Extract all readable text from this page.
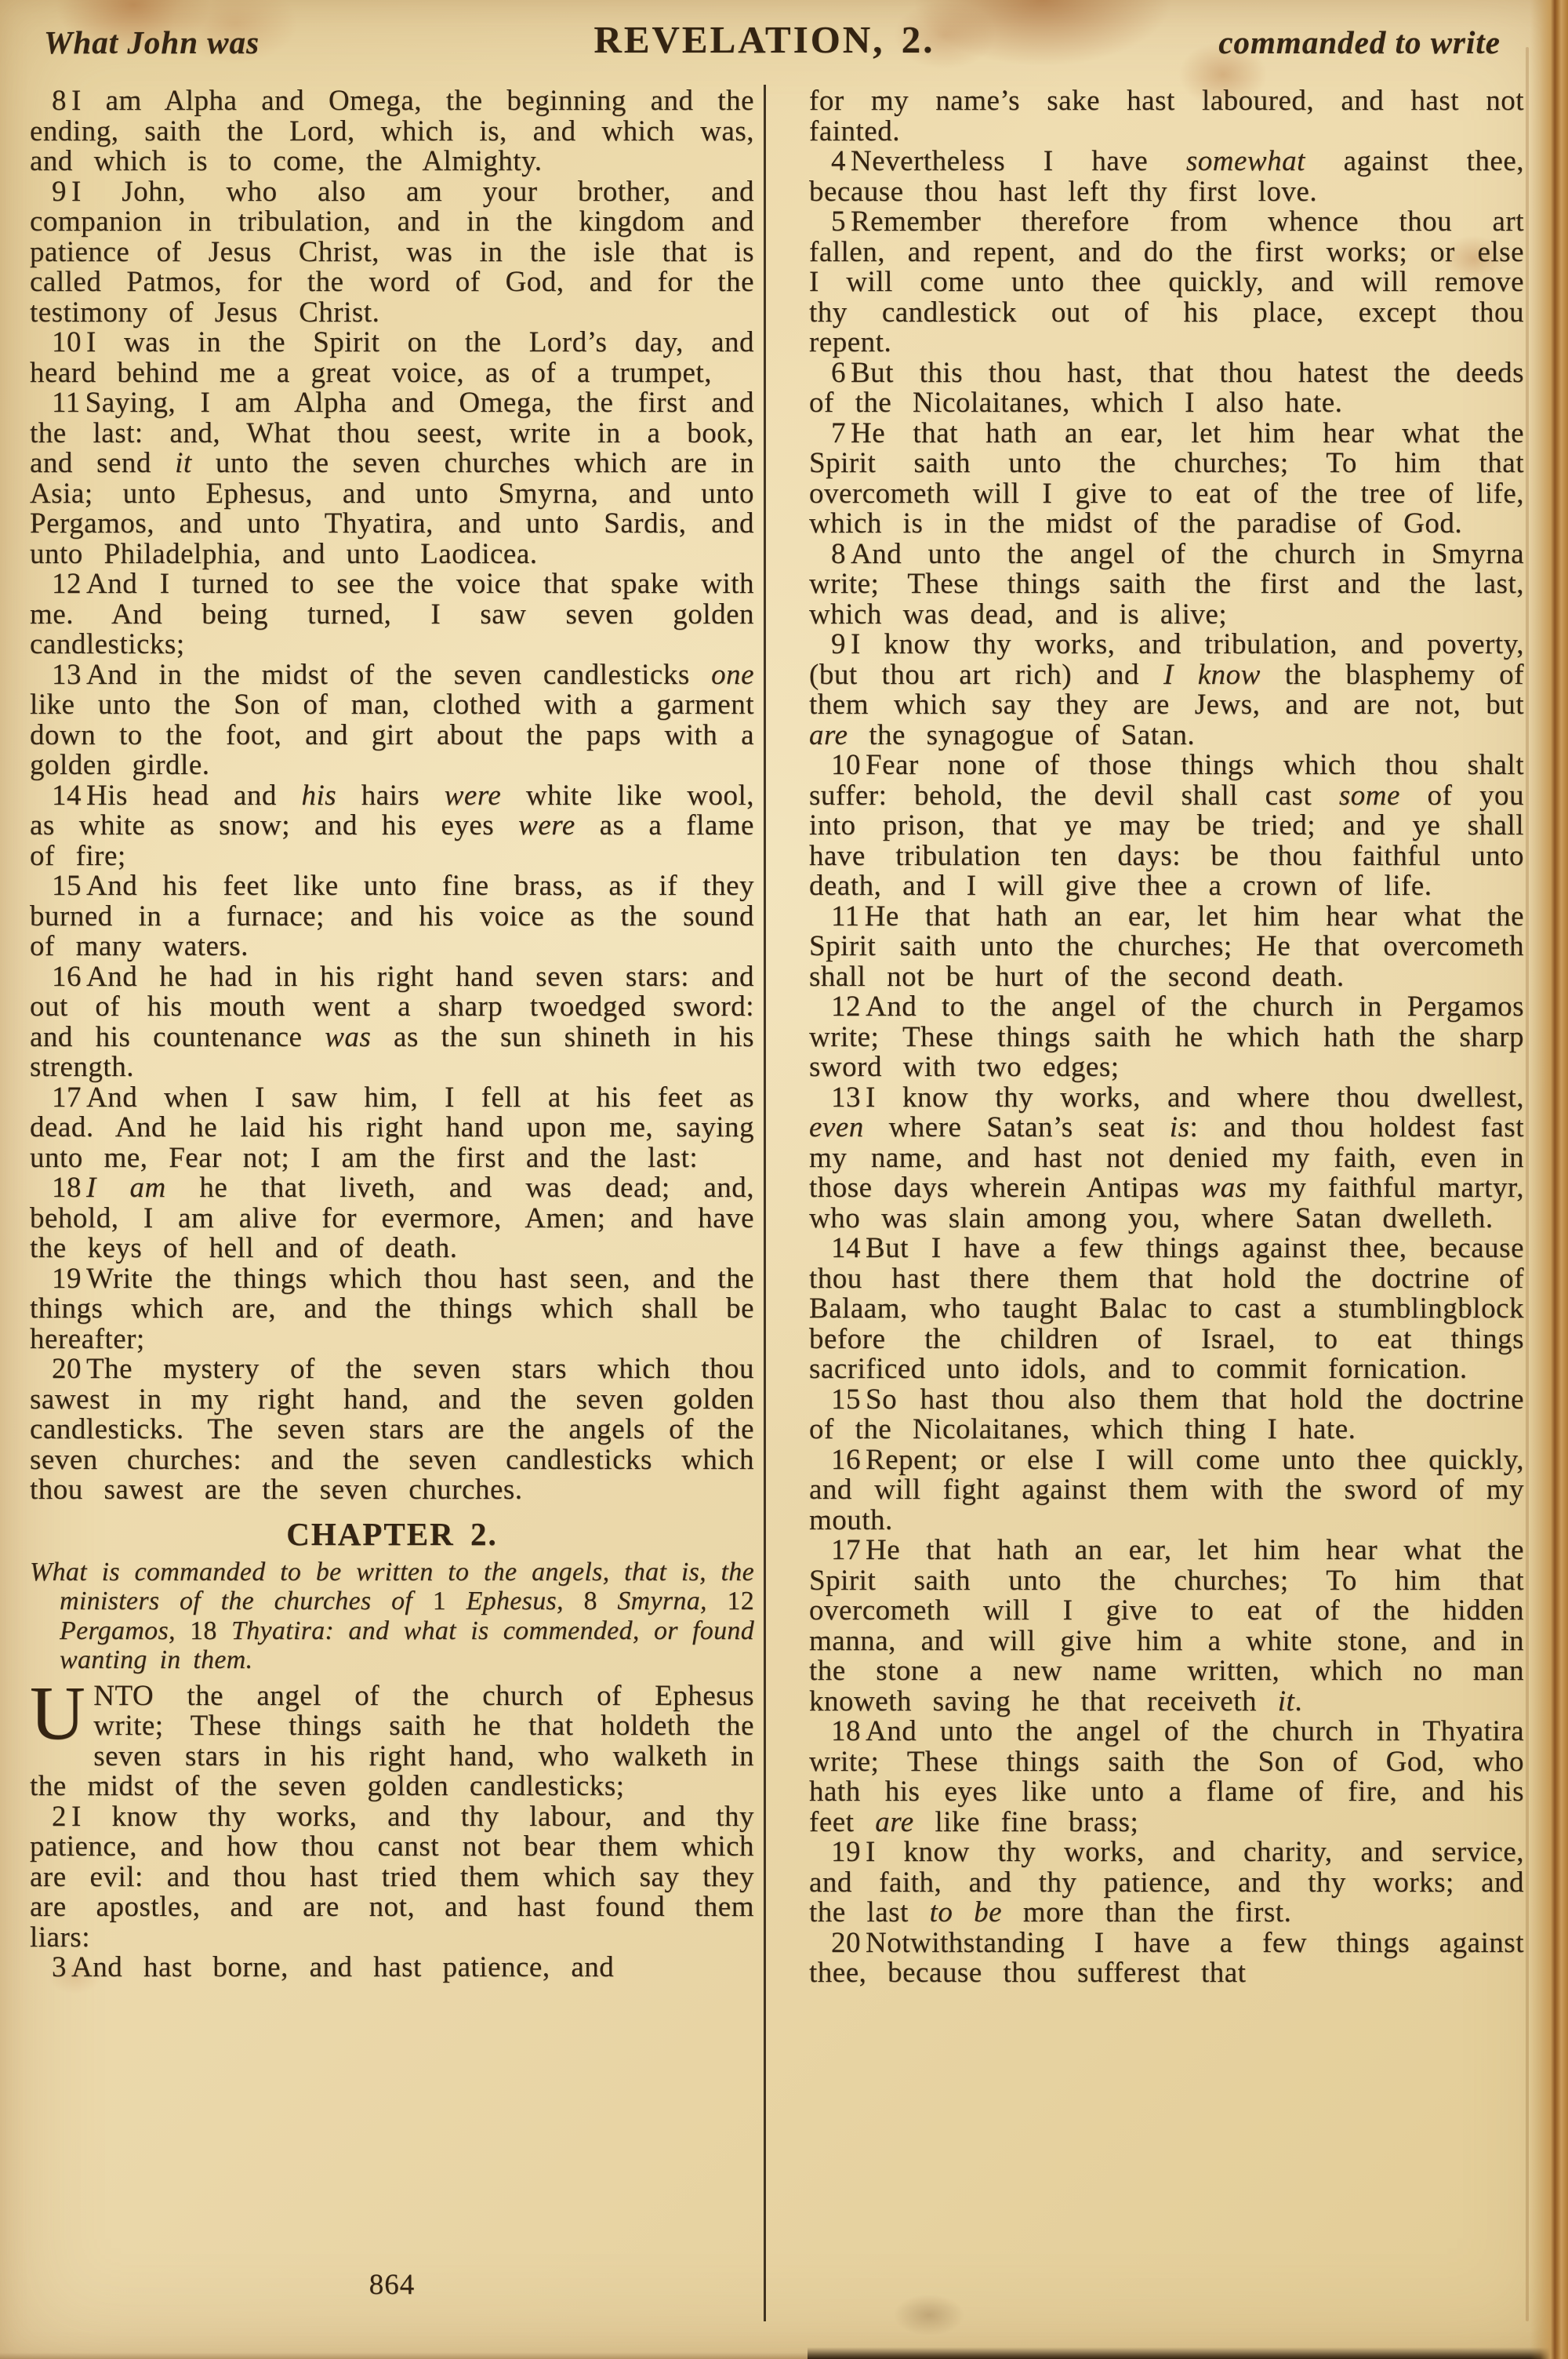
What John was	REVELATION, 2.	commanded to write

8 I am Alpha and Omega, the beginning and the ending, saith the Lord, which is, and which was, and which is to come, the Almighty.

9 I John, who also am your brother, and companion in tribulation, and in the kingdom and patience of Jesus Christ, was in the isle that is called Patmos, for the word of God, and for the testimony of Jesus Christ.

10 I was in the Spirit on the Lord’s day, and heard behind me a great voice, as of a trumpet,

11 Saying, I am Alpha and Omega, the first and the last: and, What thou seest, write in a book, and send it unto the seven churches which are in Asia; unto Ephesus, and unto Smyrna, and unto Pergamos, and unto Thyatira, and unto Sardis, and unto Philadelphia, and unto Laodicea.

12 And I turned to see the voice that spake with me. And being turned, I saw seven golden candlesticks;

13 And in the midst of the seven candlesticks one like unto the Son of man, clothed with a garment down to the foot, and girt about the paps with a golden girdle.

14 His head and his hairs were white like wool, as white as snow; and his eyes were as a flame of fire;

15 And his feet like unto fine brass, as if they burned in a furnace; and his voice as the sound of many waters.

16 And he had in his right hand seven stars: and out of his mouth went a sharp twoedged sword: and his countenance was as the sun shineth in his strength.

17 And when I saw him, I fell at his feet as dead. And he laid his right hand upon me, saying unto me, Fear not; I am the first and the last:

18 I am he that liveth, and was dead; and, behold, I am alive for evermore, Amen; and have the keys of hell and of death.

19 Write the things which thou hast seen, and the things which are, and the things which shall be hereafter;

20 The mystery of the seven stars which thou sawest in my right hand, and the seven golden candlesticks. The seven stars are the angels of the seven churches: and the seven candlesticks which thou sawest are the seven churches.

CHAPTER 2.

What is commanded to be written to the angels, that is, the ministers of the churches of 1 Ephesus, 8 Smyrna, 12 Pergamos, 18 Thyatira: and what is commended, or found wanting in them.

UNTO the angel of the church of Ephesus write; These things saith he that holdeth the seven stars in his right hand, who walketh in the midst of the seven golden candlesticks;

2 I know thy works, and thy labour, and thy patience, and how thou canst not bear them which are evil: and thou hast tried them which say they are apostles, and are not, and hast found them liars:

3 And hast borne, and hast patience, and

for my name’s sake hast laboured, and hast not fainted.

4 Nevertheless I have somewhat against thee, because thou hast left thy first love.

5 Remember therefore from whence thou art fallen, and repent, and do the first works; or else I will come unto thee quickly, and will remove thy candlestick out of his place, except thou repent.

6 But this thou hast, that thou hatest the deeds of the Nicolaitanes, which I also hate.

7 He that hath an ear, let him hear what the Spirit saith unto the churches; To him that overcometh will I give to eat of the tree of life, which is in the midst of the paradise of God.

8 And unto the angel of the church in Smyrna write; These things saith the first and the last, which was dead, and is alive;

9 I know thy works, and tribulation, and poverty, (but thou art rich) and I know the blasphemy of them which say they are Jews, and are not, but are the synagogue of Satan.

10 Fear none of those things which thou shalt suffer: behold, the devil shall cast some of you into prison, that ye may be tried; and ye shall have tribulation ten days: be thou faithful unto death, and I will give thee a crown of life.

11 He that hath an ear, let him hear what the Spirit saith unto the churches; He that overcometh shall not be hurt of the second death.

12 And to the angel of the church in Pergamos write; These things saith he which hath the sharp sword with two edges;

13 I know thy works, and where thou dwellest, even where Satan’s seat is: and thou holdest fast my name, and hast not denied my faith, even in those days wherein Antipas was my faithful martyr, who was slain among you, where Satan dwelleth.

14 But I have a few things against thee, because thou hast there them that hold the doctrine of Balaam, who taught Balac to cast a stumblingblock before the children of Israel, to eat things sacrificed unto idols, and to commit fornication.

15 So hast thou also them that hold the doctrine of the Nicolaitanes, which thing I hate.

16 Repent; or else I will come unto thee quickly, and will fight against them with the sword of my mouth.

17 He that hath an ear, let him hear what the Spirit saith unto the churches; To him that overcometh will I give to eat of the hidden manna, and will give him a white stone, and in the stone a new name written, which no man knoweth saving he that receiveth it.

18 And unto the angel of the church in Thyatira write; These things saith the Son of God, who hath his eyes like unto a flame of fire, and his feet are like fine brass;

19 I know thy works, and charity, and service, and faith, and thy patience, and thy works; and the last to be more than the first.

20 Notwithstanding I have a few things against thee, because thou sufferest that

864
